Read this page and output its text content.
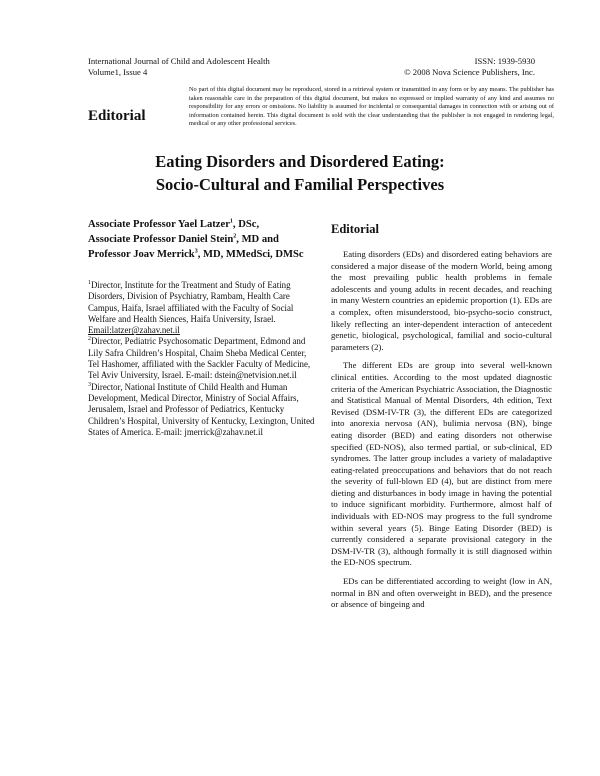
International Journal of Child and Adolescent Health
Volume1, Issue 4
ISSN: 1939-5930
© 2008 Nova Science Publishers, Inc.
Editorial
No part of this digital document may be reproduced, stored in a retrieval system or transmitted in any form or by any means. The publisher has taken reasonable care in the preparation of this digital document, but makes no expressed or implied warranty of any kind and assumes no responsibility for any errors or omissions. No liability is assumed for incidental or consequential damages in connection with or arising out of information contained herein. This digital document is sold with the clear understanding that the publisher is not engaged in rendering legal, medical or any other professional services.
Eating Disorders and Disordered Eating:
Socio-Cultural and Familial Perspectives
Associate Professor Yael Latzer$^1$, DSc,
Associate Professor Daniel Stein$^2$, MD and
Professor Joav Merrick$^3$, MD, MMedSci, DMSc

$^1$Director, Institute for the Treatment and Study of Eating Disorders, Division of Psychiatry, Rambam, Health Care Campus, Haifa, Israel affiliated with the Faculty of Social Welfare and Health Siences, Haifa University, Israel. Email:latzer@zahav.net.il

$^2$Director, Pediatric Psychosomatic Department, Edmond and Lily Safra Children’s Hospital, Chaim Sheba Medical Center, Tel Hashomer, affiliated with the Sackler Faculty of Medicine, Tel Aviv University, Israel. E-mail: dstein@netvision.net.il

$^3$Director, National Institute of Child Health and Human Development, Medical Director, Ministry of Social Affairs, Jerusalem, Israel and Professor of Pediatrics, Kentucky Children’s Hospital, University of Kentucky, Lexington, United States of America. E-mail: jmerrick@zahav.net.il

Editorial

Eating disorders (EDs) and disordered eating behaviors are considered a major disease of the modern World, being among the most prevailing public health problems in female adolescents and young adults in recent decades, and reaching in many Western countries an epidemic proportion (1). EDs are a complex, often misunderstood, bio-psycho-socio construct, likely reflecting an inter-dependent interaction of antecedent genetic, biological, psychological, familial and socio-cultural parameters (2).

The different EDs are group into several well-known clinical entities. According to the most updated diagnostic criteria of the American Psychiatric Association, the Diagnostic and Statistical Manual of Mental Disorders, 4th edition, Text Revised (DSM-IV-TR (3), the different EDs are categorized into anorexia nervosa (AN), bulimia nervosa (BN), binge eating disorder (BED) and eating disorders not otherwise specified (ED-NOS), also termed partial, or sub-clinical, ED syndromes. The latter group includes a variety of maladaptive eating-related preoccupations and behaviors that do not reach the severity of full-blown ED (4), but are distinct from mere dieting and disturbances in body image in having the potential to induce significant morbidity. Furthermore, almost half of individuals with ED-NOS may progress to the full syndrome within several years (5). Binge Eating Disorder (BED) is currently considered a separate provisional category in the DSM-IV-TR (3), although formally it is still diagnosed within the ED-NOS spectrum.

EDs can be differentiated according to weight (low in AN, normal in BN and often overweight in BED), and the presence or absence of bingeing and
